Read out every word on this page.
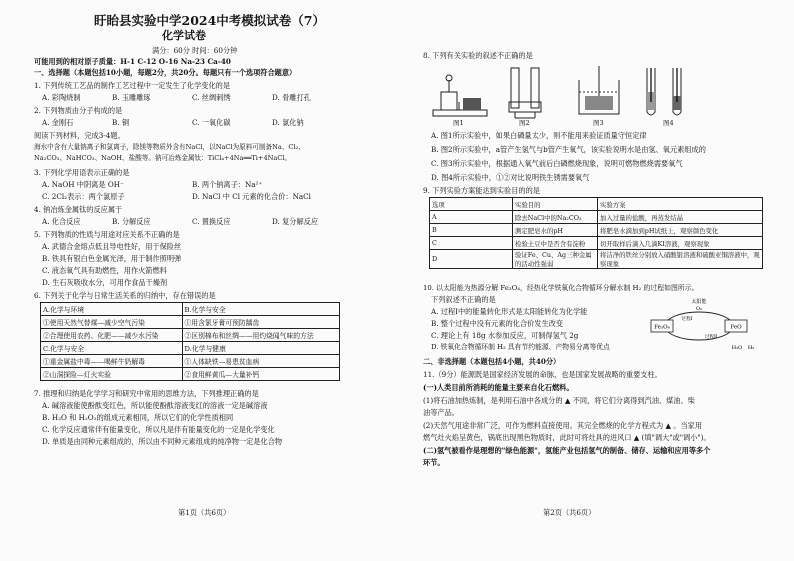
盱眙县实验中学2024中考模拟试卷（7）
化学试卷
满分：60分 时间：60分钟
可能用到的相对原子质量：H-1 C-12 O-16 Na-23 Ca-40
一、选择题（本题包括10小题，每题2分，共20分。每题只有一个选项符合题意）
1. 下列传统工艺品的制作工艺过程中一定发生了化学变化的是
A. 彩陶烧制	B. 玉雕雕琢	C. 丝绸刺绣	D. 骨雕打孔
2. 下列物质由分子构成的是
A. 金刚石	B. 铜	C. 一氧化碳	D. 氯化钠
阅读下列材料，完成3-4题。
海水中含有大量钠离子和氯离子，除镁等物质外含有NaCl，以NaCl为原料可制备Na、Cl₂、
Na₂CO₃、NaHCO₃、NaOH、盐酸等。钠可冶炼金属钛：TiCl₄+4Na══Ti+4NaCl。
3. 下列化学用语表示正确的是
A. NaOH 中阴离是 OH⁻	B. 两个钠离子：Na²⁺
C. 2Cl₂表示：两个氯原子	D. NaCl 中 Cl 元素的化合价：NaCl
4. 钠冶炼金属钛的反应属于
A. 化合反应	B. 分解反应	C. 置换反应	D. 复分解反应
5. 下列物质的性质与用途对应关系不正确的是
A. 武德合金熔点低且导电性好，用于保险丝
B. 铁具有银白色金属光泽，用于制作照明弹
C. 液态氧气具有助燃性，用作火箭燃料
D. 生石灰吸收水分，可用作食品干燥剂
6. 下列关于化学与日常生活关系的归纳中，存在错误的是
A.化学与环境	B.化学与安全
①使用天然气替煤—减少空气污染	①用含氯牙膏可预防龋齿
②合理使用农药、化肥——减少水污染	②区别棉布和丝绸——用灼烧闻气味的方法
C.化学与安全	D.化学与健康
①重金属盐中毒——喝鲜牛奶解毒	①人体缺铁—易患贫血病
②山洞探险—灯火实验	②食用鲜黄瓜—大量补钙
7. 推理和归纳是化学学习和研究中常用的思维方法，下列推理正确的是
A. 碱溶液能使酚酞变红色，所以能使酚酞溶液变红的溶液一定是碱溶液
B. H₂O 和 H₂O₂的组成元素相同，所以它们的化学性质相同
C. 化学反应通常伴有能量变化，所以凡是伴有能量变化的一定是化学变化
D. 单质是由同种元素组成的，所以由不同种元素组成的纯净物一定是化合物
第1页（共6页）
8. 下列有关实验的叙述不正确的是
图1	图2	图3	图4
A. 图1所示实验中，如果白磷量太少，则不能用来验证质量守恒定律
B. 图2所示实验中，a管产生氢气与b管产生氧气，该实验说明水是由氢、氧元素组成的
C. 图3所示实验中，根据通入氧气前后白磷燃烧现象，说明可燃物燃烧需要氧气
D. 图4所示实验中，①②对比说明铁生锈需要氧气
9. 下列实验方案能达到实验目的的是
选项	实验目的	实验方案
A	除去NaCl中的Na₂CO₃	加入过量的盐酸，再蒸发结晶
B	测定肥皂水的pH	将肥皂水滴加到pH试纸上，观察颜色变化
C	检验土豆中是否含有淀粉	切开取样后滴入几滴KI溶液，观察现象
D	验证Fe、Cu、Ag三种金属的活动性强弱	将洁净的铁丝分别放入硝酸银溶液和硫酸亚铜溶液中，观察现象
10. 以太阳能为热源分解 Fe₃O₄，经热化学铁氧化合物循环分解水制 H₂ 的过程如图所示。
下列叙述不正确的是
A. 过程Ⅰ中的能量转化形式是太阳能转化为化学能
B. 整个过程中没有元素的化合价发生改变
C. 理论上有 18g 水参加反应，可制得氢气 2g
D. 铁氧化合物循环制 H₂ 具有节约能源、产物易分离等优点
Fe₃O₄	FeO
太阳能
O₂
过程Ⅰ
过程Ⅱ
H₂O H₂
二、非选择题（本题包括4小题，共40分）
11.（9分）能源既是国家经济发展的命脉，也是国家发展战略的重要支柱。
(一)人类目前所消耗的能量主要来自化石燃料。
(1)将石油加热炼制，是利用石油中各成分的 ▲ 不同，将它们分离得到汽油、煤油、柴
油等产品。
(2)天然气用途非常广泛，可作为燃料直接使用。其完全燃烧的化学方程式为 ▲ 。当家用
燃气灶火焰呈黄色，锅底出现黑色物质时，此时可将灶具的进风口 ▲ (填"调大"或"调小")。
(二)氢气被看作是理想的"绿色能源"，氢能产业包括氢气的制备、储存、运输和应用等多个
环节。
第2页（共6页）
